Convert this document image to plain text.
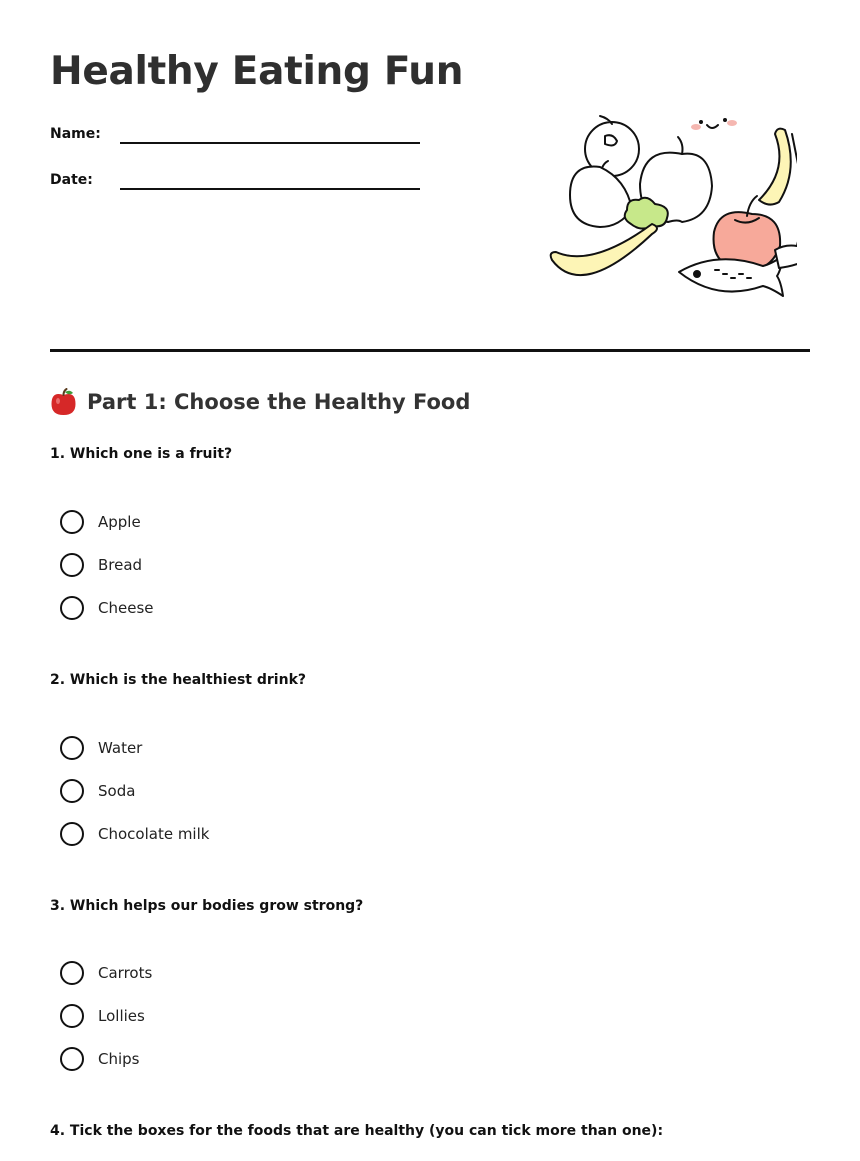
Healthy Eating Fun
Name:
Date:
Part 1: Choose the Healthy Food

1. Which one is a fruit?

Apple
Bread
Cheese

2. Which is the healthiest drink?

Water
Soda
Chocolate milk

3. Which helps our bodies grow strong?

Carrots
Lollies
Chips

4. Tick the boxes for the foods that are healthy (you can tick more than one):
